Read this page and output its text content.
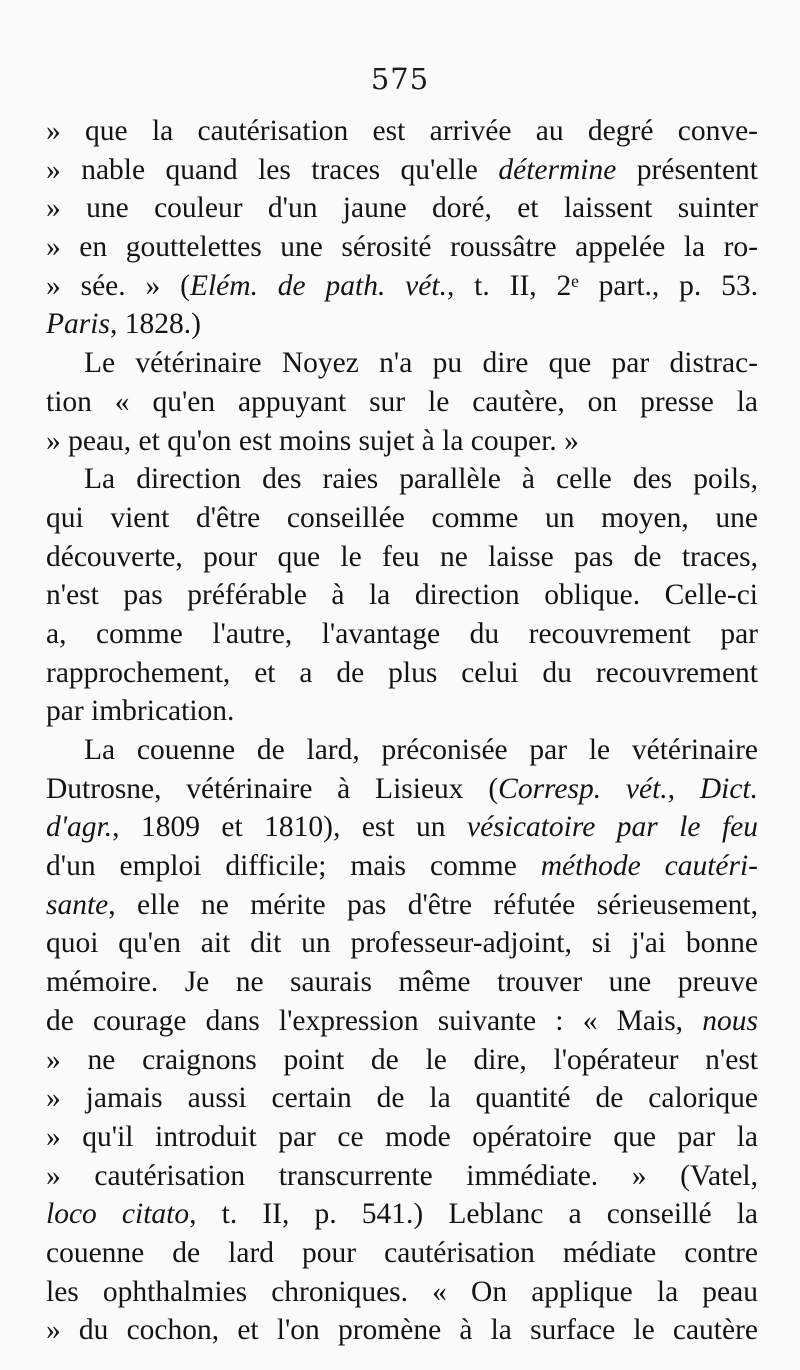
575
» que la cautérisation est arrivée au degré conve-
» nable quand les traces qu'elle détermine présentent
» une couleur d'un jaune doré, et laissent suinter
» en gouttelettes une sérosité roussâtre appelée la ro-
» sée. » (Elém. de path. vét., t. II, 2ᵉ part., p. 53.
Paris, 1828.)
Le vétérinaire Noyez n'a pu dire que par distrac-
tion « qu'en appuyant sur le cautère, on presse la
» peau, et qu'on est moins sujet à la couper. »
La direction des raies parallèle à celle des poils,
qui vient d'être conseillée comme un moyen, une
découverte, pour que le feu ne laisse pas de traces,
n'est pas préférable à la direction oblique. Celle-ci
a, comme l'autre, l'avantage du recouvrement par
rapprochement, et a de plus celui du recouvrement
par imbrication.
La couenne de lard, préconisée par le vétérinaire
Dutrosne, vétérinaire à Lisieux (Corresp. vét., Dict.
d'agr., 1809 et 1810), est un vésicatoire par le feu
d'un emploi difficile; mais comme méthode cautéri-
sante, elle ne mérite pas d'être réfutée sérieusement,
quoi qu'en ait dit un professeur-adjoint, si j'ai bonne
mémoire. Je ne saurais même trouver une preuve
de courage dans l'expression suivante : « Mais, nous
» ne craignons point de le dire, l'opérateur n'est
» jamais aussi certain de la quantité de calorique
» qu'il introduit par ce mode opératoire que par la
» cautérisation transcurrente immédiate. » (Vatel,
loco citato, t. II, p. 541.) Leblanc a conseillé la
couenne de lard pour cautérisation médiate contre
les ophthalmies chroniques. « On applique la peau
» du cochon, et l'on promène à la surface le cautère
